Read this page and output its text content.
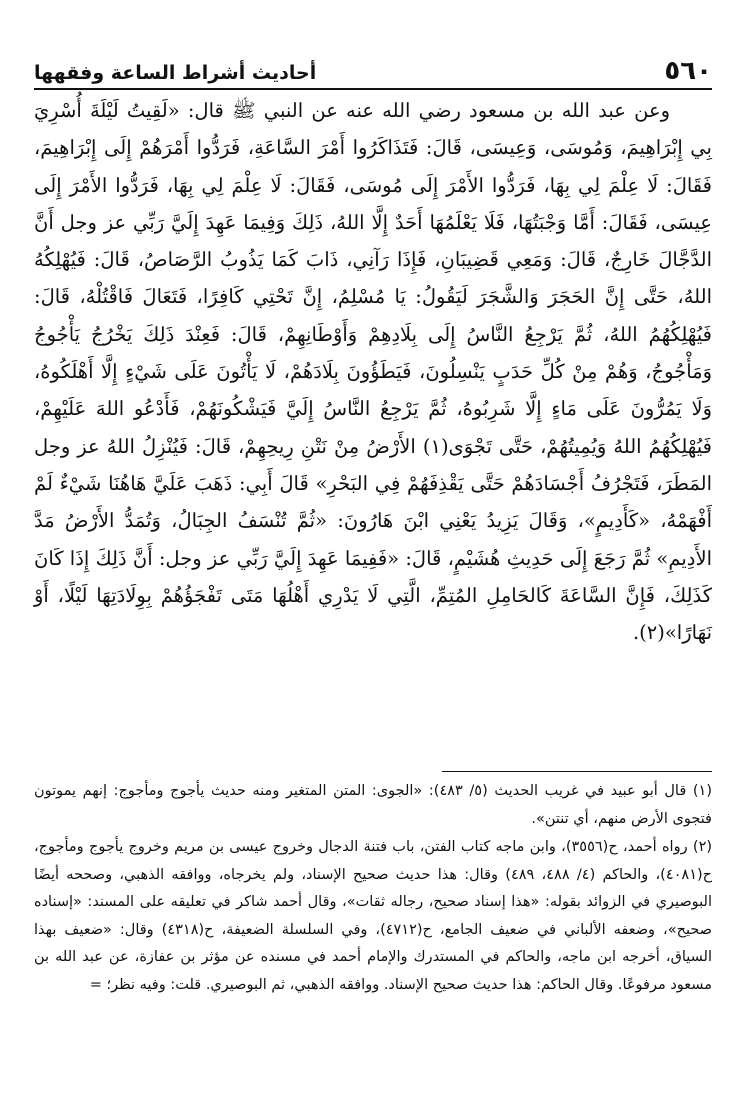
٥٦٠
أحاديث أشراط الساعة وفقهها

وعن عبد الله بن مسعود رضي الله عنه عن النبي ﷺ قال: «لَقِيتُ لَيْلَةَ أُسْرِيَ بِي إِبْرَاهِيمَ، وَمُوسَى، وَعِيسَى، قَالَ: فَتَذَاكَرُوا أَمْرَ السَّاعَةِ، فَرَدُّوا أَمْرَهُمْ إِلَى إِبْرَاهِيمَ، فَقَالَ: لَا عِلْمَ لِي بِهَا، فَرَدُّوا الأَمْرَ إِلَى مُوسَى، فَقَالَ: لَا عِلْمَ لِي بِهَا، فَرَدُّوا الأَمْرَ إِلَى عِيسَى، فَقَالَ: أَمَّا وَجْبَتُهَا، فَلَا يَعْلَمُهَا أَحَدٌ إِلَّا اللهُ، ذَلِكَ وَفِيمَا عَهِدَ إِلَيَّ رَبِّي عز وجل أَنَّ الدَّجَّالَ خَارِجٌ، قَالَ: وَمَعِي قَضِيبَانِ، فَإِذَا رَآنِي، ذَابَ كَمَا يَذُوبُ الرَّصَاصُ، قَالَ: فَيُهْلِكُهُ اللهُ، حَتَّى إِنَّ الحَجَرَ وَالشَّجَرَ لَيَقُولُ: يَا مُسْلِمُ، إِنَّ تَحْتِي كَافِرًا، فَتَعَالَ فَاقْتُلْهُ، قَالَ: فَيُهْلِكُهُمُ اللهُ، ثُمَّ يَرْجِعُ النَّاسُ إِلَى بِلَادِهِمْ وَأَوْطَانِهِمْ، قَالَ: فَعِنْدَ ذَلِكَ يَخْرُجُ يَأْجُوجُ وَمَأْجُوجُ، وَهُمْ مِنْ كُلِّ حَدَبٍ يَنْسِلُونَ، فَيَطَؤُونَ بِلَادَهُمْ، لَا يَأْتُونَ عَلَى شَيْءٍ إِلَّا أَهْلَكُوهُ، وَلَا يَمُرُّونَ عَلَى مَاءٍ إِلَّا شَرِبُوهُ، ثُمَّ يَرْجِعُ النَّاسُ إِلَيَّ فَيَشْكُونَهُمْ، فَأَدْعُو اللهَ عَلَيْهِمْ، فَيُهْلِكُهُمُ اللهُ وَيُمِيتُهُمْ، حَتَّى تَجْوَى(١) الأَرْضُ مِنْ نَتْنِ رِيحِهِمْ، قَالَ: فَيُنْزِلُ اللهُ عز وجل المَطَرَ، فَتَجْرُفُ أَجْسَادَهُمْ حَتَّى يَقْذِفَهُمْ فِي البَحْرِ» قَالَ أَبِي: ذَهَبَ عَلَيَّ هَاهُنَا شَيْءٌ لَمْ أَفْهَمْهُ، «كَأَدِيمٍ»، وَقَالَ يَزِيدُ يَعْنِي ابْنَ هَارُونَ: «ثُمَّ تُنْسَفُ الجِبَالُ، وَتُمَدُّ الأَرْضُ مَدَّ الأَدِيمِ» ثُمَّ رَجَعَ إِلَى حَدِيثِ هُشَيْمٍ، قَالَ: «فَفِيمَا عَهِدَ إِلَيَّ رَبِّي عز وجل: أَنَّ ذَلِكَ إِذَا كَانَ كَذَلِكَ، فَإِنَّ السَّاعَةَ كَالحَامِلِ المُتِمِّ، الَّتِي لَا يَدْرِي أَهْلُهَا مَتَى تَفْجَؤُهُمْ بِوِلَادَتِهَا لَيْلًا، أَوْ نَهَارًا»(٢).

(١) قال أبو عبيد في غريب الحديث (٥/ ٤٨٣): «الجوى: المتن المتغير ومنه حديث يأجوج ومأجوج: إنهم يموتون فتجوى الأرض منهم، أي تنتن».

(٢) رواه أحمد، ح(٣٥٥٦)، وابن ماجه كتاب الفتن، باب فتنة الدجال وخروج عيسى بن مريم وخروج يأجوج ومأجوج، ح(٤٠٨١)، والحاكم (٤/ ٤٨٨، ٤٨٩) وقال: هذا حديث صحيح الإسناد، ولم يخرجاه، ووافقه الذهبي، وصححه أيضًا البوصيري في الزوائد بقوله: «هذا إسناد صحيح، رجاله ثقات»، وقال أحمد شاكر في تعليقه على المسند: «إسناده صحيح»، وضعفه الألباني في ضعيف الجامع، ح(٤٧١٢)، وفي السلسلة الضعيفة، ح(٤٣١٨) وقال: «ضعيف بهذا السياق، أخرجه ابن ماجه، والحاكم في المستدرك والإمام أحمد في مسنده عن مؤثر بن عفازة، عن عبد الله بن مسعود مرفوعًا. وقال الحاكم: هذا حديث صحيح الإسناد. ووافقه الذهبي، ثم البوصيري. قلت: وفيه نظر؛ =
